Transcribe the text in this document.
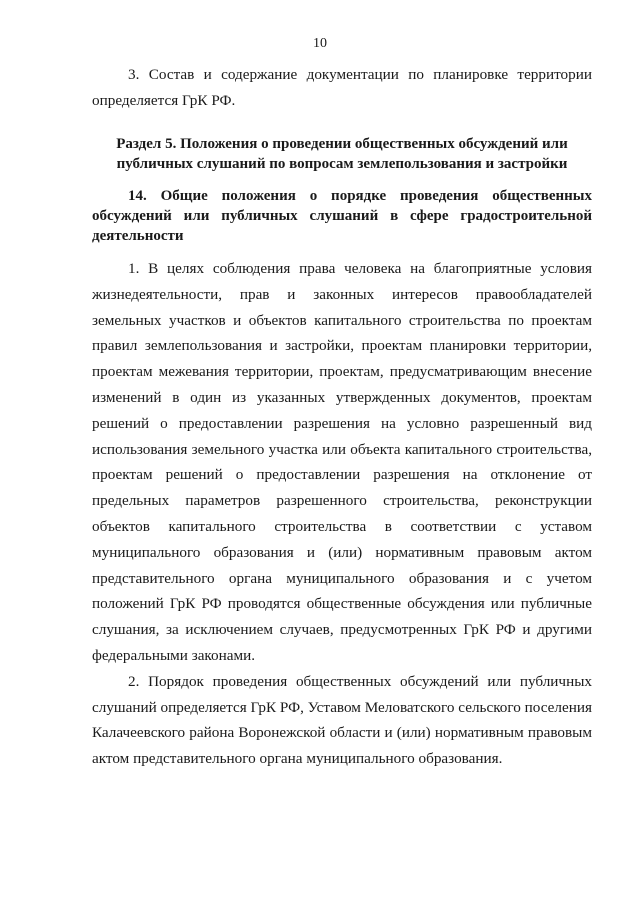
10

3. Состав и содержание документации по планировке территории определяется ГрК РФ.

Раздел 5. Положения о проведении общественных обсуждений или публичных слушаний по вопросам землепользования и застройки

14. Общие положения о порядке проведения общественных обсуждений или публичных слушаний в сфере градостроительной деятельности

1. В целях соблюдения права человека на благоприятные условия жизнедеятельности, прав и законных интересов правообладателей земельных участков и объектов капитального строительства по проектам правил землепользования и застройки, проектам планировки территории, проектам межевания территории, проектам, предусматривающим внесение изменений в один из указанных утвержденных документов, проектам решений о предоставлении разрешения на условно разрешенный вид использования земельного участка или объекта капитального строительства, проектам решений о предоставлении разрешения на отклонение от предельных параметров разрешенного строительства, реконструкции объектов капитального строительства в соответствии с уставом муниципального образования и (или) нормативным правовым актом представительного органа муниципального образования и с учетом положений ГрК РФ проводятся общественные обсуждения или публичные слушания, за исключением случаев, предусмотренных ГрК РФ и другими федеральными законами.

2. Порядок проведения общественных обсуждений или публичных слушаний определяется ГрК РФ, Уставом Меловатского сельского поселения Калачеевского района Воронежской области и (или) нормативным правовым актом представительного органа муниципального образования.
